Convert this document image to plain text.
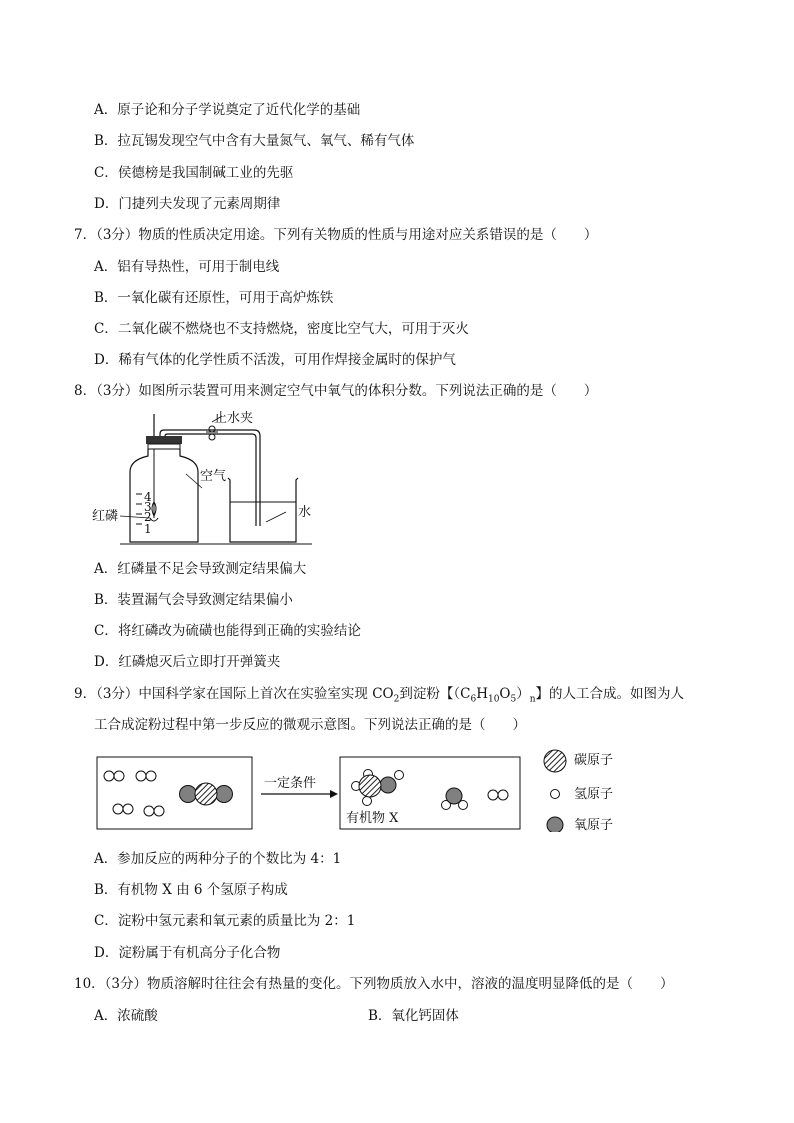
A．原子论和分子学说奠定了近代化学的基础
B．拉瓦锡发现空气中含有大量氮气、氧气、稀有气体
C．侯德榜是我国制碱工业的先驱
D．门捷列夫发现了元素周期律
7．（3分）物质的性质决定用途。下列有关物质的性质与用途对应关系错误的是（　　）
A．铝有导热性，可用于制电线
B．一氧化碳有还原性，可用于高炉炼铁
C．二氧化碳不燃烧也不支持燃烧，密度比空气大，可用于灭火
D．稀有气体的化学性质不活泼，可用作焊接金属时的保护气
8．（3分）如图所示装置可用来测定空气中氧气的体积分数。下列说法正确的是（　　）
止水夹
空气
红磷	水
4
3
2
1
A．红磷量不足会导致测定结果偏大
B．装置漏气会导致测定结果偏小
C．将红磷改为硫磺也能得到正确的实验结论
D．红磷熄灭后立即打开弹簧夹
9．（3分）中国科学家在国际上首次在实验室实现 $CO_2$到淀粉【$(C_6H_{10}O_5)_n$】的人工合成。如图为人
工合成淀粉过程中第一步反应的微观示意图。下列说法正确的是（　　）
一定条件
有机物 X
碳原子
氢原子
氧原子
A．参加反应的两种分子的个数比为 4：1
B．有机物 X 由 6 个氢原子构成
C．淀粉中氢元素和氧元素的质量比为 2：1
D．淀粉属于有机高分子化合物
10．（3分）物质溶解时往往会有热量的变化。下列物质放入水中，溶液的温度明显降低的是（　　）
A．浓硫酸	B．氧化钙固体
